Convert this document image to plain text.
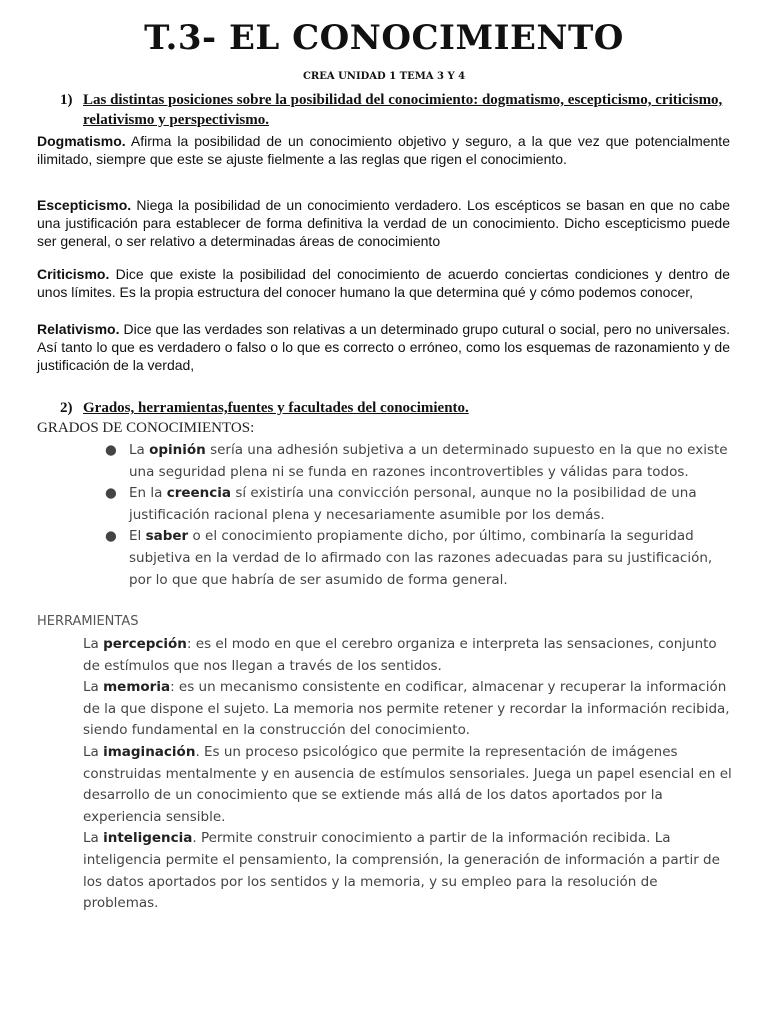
T.3- EL CONOCIMIENTO
CREA UNIDAD 1 TEMA 3 Y 4
1) Las distintas posiciones sobre la posibilidad del conocimiento: dogmatismo, escepticismo, criticismo, relativismo y perspectivismo.

Dogmatismo. Afirma la posibilidad de un conocimiento objetivo y seguro, a la que vez que potencialmente ilimitado, siempre que este se ajuste fielmente a las reglas que rigen el conocimiento.

Escepticismo. Niega la posibilidad de un conocimiento verdadero. Los escépticos se basan en que no cabe una justificación para establecer de forma definitiva la verdad de un conocimiento. Dicho escepticismo puede ser general, o ser relativo a determinadas áreas de conocimiento

Criticismo. Dice que existe la posibilidad del conocimiento de acuerdo conciertas condiciones y dentro de unos límites. Es la propia estructura del conocer humano la que determina qué y cómo podemos conocer,

Relativismo. Dice que las verdades son relativas a un determinado grupo cutural o social, pero no universales. Así tanto lo que es verdadero o falso o lo que es correcto o erróneo, como los esquemas de razonamiento y de justificación de la verdad,

2) Grados, herramientas,fuentes y facultades del conocimiento.
GRADOS DE CONOCIMIENTOS:
● La opinión sería una adhesión subjetiva a un determinado supuesto en la que no existe una seguridad plena ni se funda en razones incontrovertibles y válidas para todos.
● En la creencia sí existiría una convicción personal, aunque no la posibilidad de una justificación racional plena y necesariamente asumible por los demás.
● El saber o el conocimiento propiamente dicho, por último, combinaría la seguridad subjetiva en la verdad de lo afirmado con las razones adecuadas para su justificación, por lo que que habría de ser asumido de forma general.
HERRAMIENTAS

La percepción: es el modo en que el cerebro organiza e interpreta las sensaciones, conjunto de estímulos que nos llegan a través de los sentidos.

La memoria: es un mecanismo consistente en codificar, almacenar y recuperar la información de la que dispone el sujeto. La memoria nos permite retener y recordar la información recibida, siendo fundamental en la construcción del conocimiento.

La imaginación. Es un proceso psicológico que permite la representación de imágenes construidas mentalmente y en ausencia de estímulos sensoriales. Juega un papel esencial en el desarrollo de un conocimiento que se extiende más allá de los datos aportados por la experiencia sensible.

La inteligencia. Permite construir conocimiento a partir de la información recibida. La inteligencia permite el pensamiento, la comprensión, la generación de información a partir de los datos aportados por los sentidos y la memoria, y su empleo para la resolución de problemas.
